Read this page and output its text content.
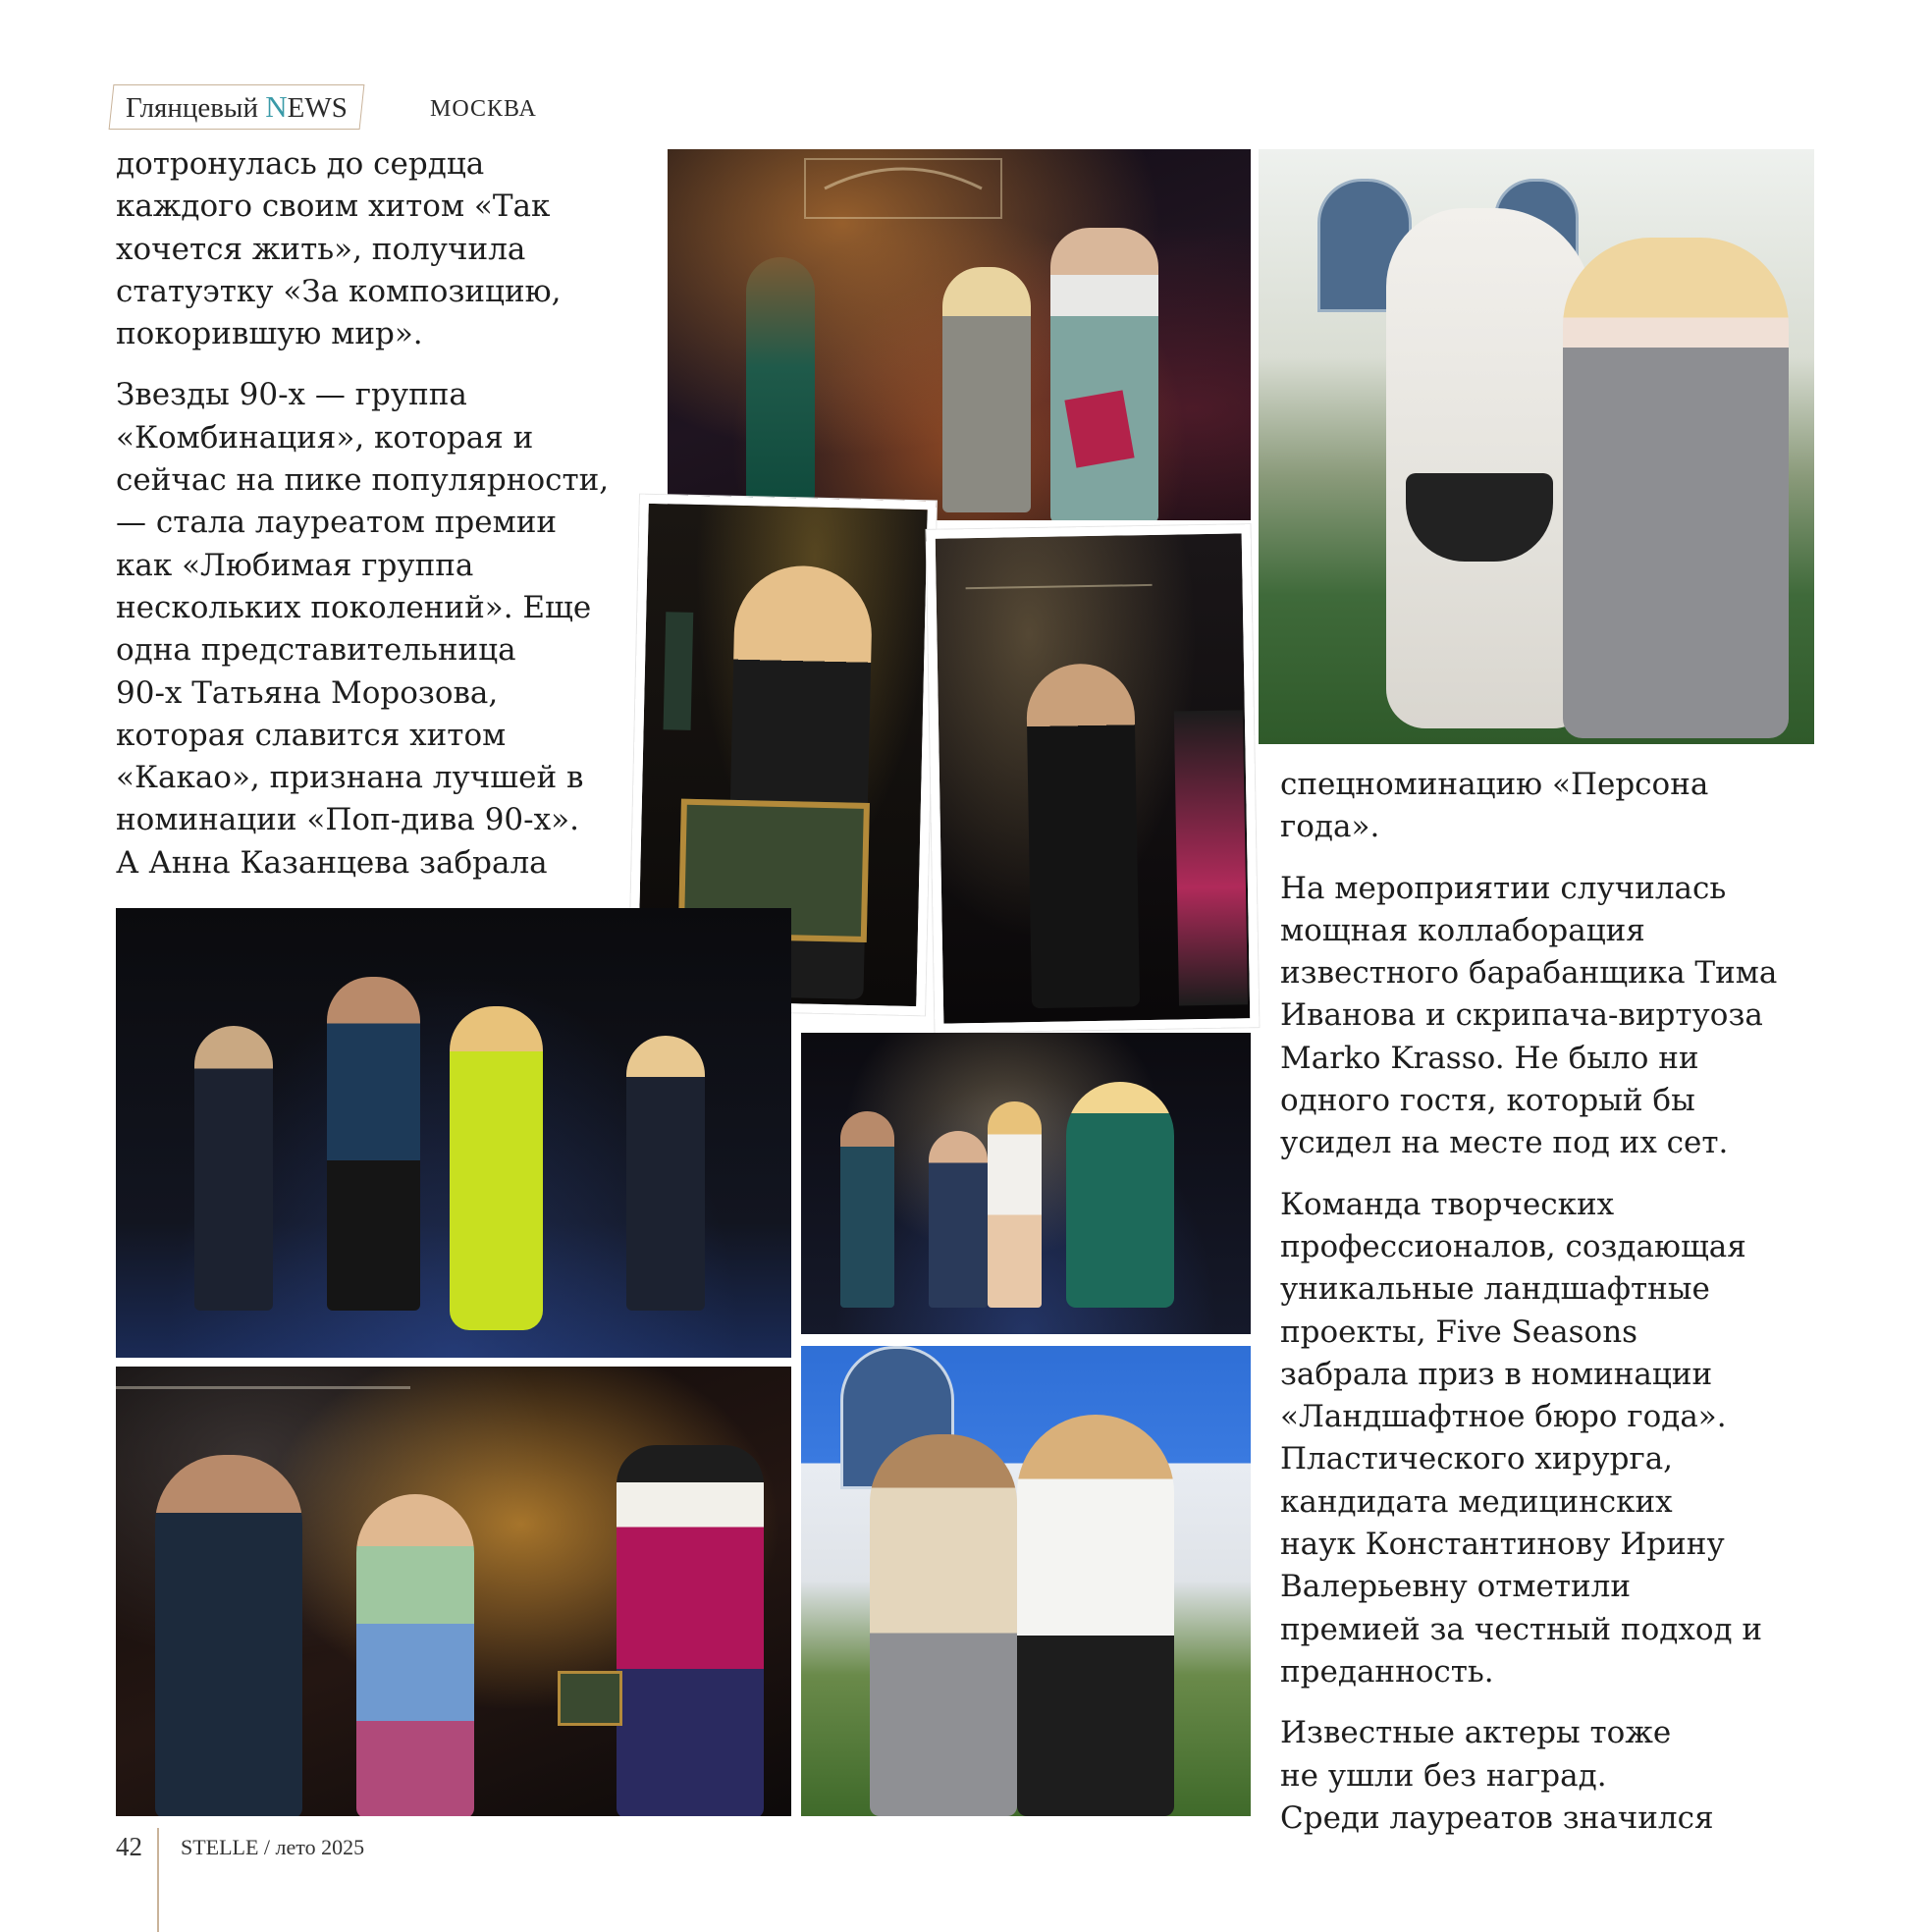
Глянцевый NEWS	МОСКВА

дотронулась до сердца
каждого своим хитом «Так
хочется жить», получила
статуэтку «За композицию,
покорившую мир».

Звезды 90-х — группа
«Комбинация», которая и
сейчас на пике популярности,
— стала лауреатом премии
как «Любимая группа
нескольких поколений». Еще
одна представительница
90-х Татьяна Морозова,
которая славится хитом
«Какао», признана лучшей в
номинации «Поп-дива 90-х».
А Анна Казанцева забрала

спецноминацию «Персона
года».

На мероприятии случилась
мощная коллаборация
известного барабанщика Тима
Иванова и скрипача-виртуоза
Marko Krasso. Не было ни
одного гостя, который бы
усидел на месте под их сет.

Команда творческих
профессионалов, создающая
уникальные ландшафтные
проекты, Five Seasons
забрала приз в номинации
«Ландшафтное бюро года».
Пластического хирурга,
кандидата медицинских
наук Константинову Ирину
Валерьевну отметили
премией за честный подход и
преданность.

Известные актеры тоже
не ушли без наград.
Среди лауреатов значился

42 STELLE / лето 2025
